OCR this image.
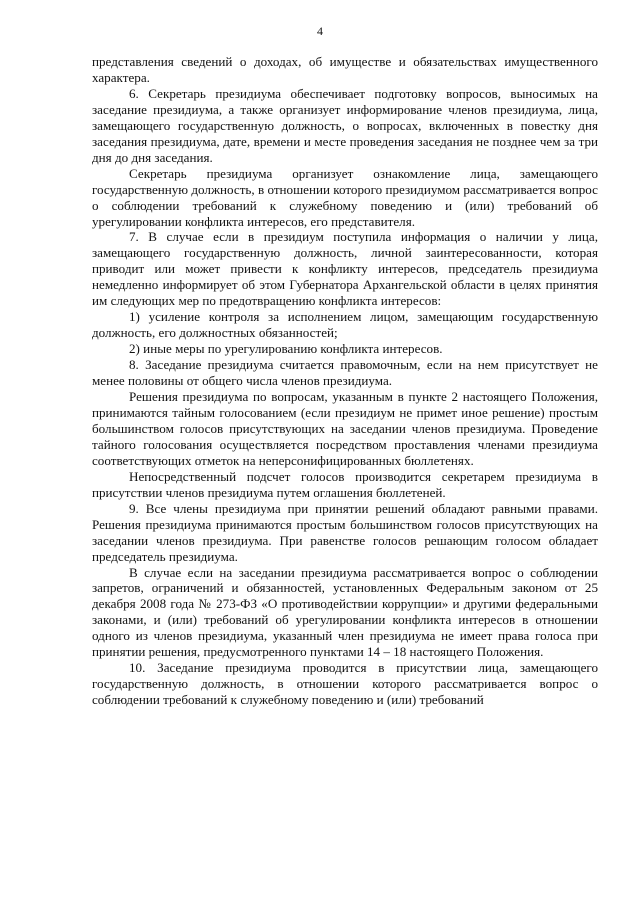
4

представления сведений о доходах, об имуществе и обязательствах имущественного характера.

6. Секретарь президиума обеспечивает подготовку вопросов, выносимых на заседание президиума, а также организует информирование членов президиума, лица, замещающего государственную должность, о вопросах, включенных в повестку дня заседания президиума, дате, времени и месте проведения заседания не позднее чем за три дня до дня заседания.

Секретарь президиума организует ознакомление лица, замещающего государственную должность, в отношении которого президиумом рассматривается вопрос о соблюдении требований к служебному поведению и (или) требований об урегулировании конфликта интересов, его представителя.

7. В случае если в президиум поступила информация о наличии у лица, замещающего государственную должность, личной заинтересованности, которая приводит или может привести к конфликту интересов, председатель президиума немедленно информирует об этом Губернатора Архангельской области в целях принятия им следующих мер по предотвращению конфликта интересов:

1) усиление контроля за исполнением лицом, замещающим государственную должность, его должностных обязанностей;

2) иные меры по урегулированию конфликта интересов.

8. Заседание президиума считается правомочным, если на нем присутствует не менее половины от общего числа членов президиума.

Решения президиума по вопросам, указанным в пункте 2 настоящего Положения, принимаются тайным голосованием (если президиум не примет иное решение) простым большинством голосов присутствующих на заседании членов президиума. Проведение тайного голосования осуществляется посредством проставления членами президиума соответствующих отметок на неперсонифицированных бюллетенях.

Непосредственный подсчет голосов производится секретарем президиума в присутствии членов президиума путем оглашения бюллетеней.

9. Все члены президиума при принятии решений обладают равными правами. Решения президиума принимаются простым большинством голосов присутствующих на заседании членов президиума. При равенстве голосов решающим голосом обладает председатель президиума.

В случае если на заседании президиума рассматривается вопрос о соблюдении запретов, ограничений и обязанностей, установленных Федеральным законом от 25 декабря 2008 года № 273-ФЗ «О противодействии коррупции» и другими федеральными законами, и (или) требований об урегулировании конфликта интересов в отношении одного из членов президиума, указанный член президиума не имеет права голоса при принятии решения, предусмотренного пунктами 14 – 18 настоящего Положения.

10. Заседание президиума проводится в присутствии лица, замещающего государственную должность, в отношении которого рассматривается вопрос о соблюдении требований к служебному поведению и (или) требований
